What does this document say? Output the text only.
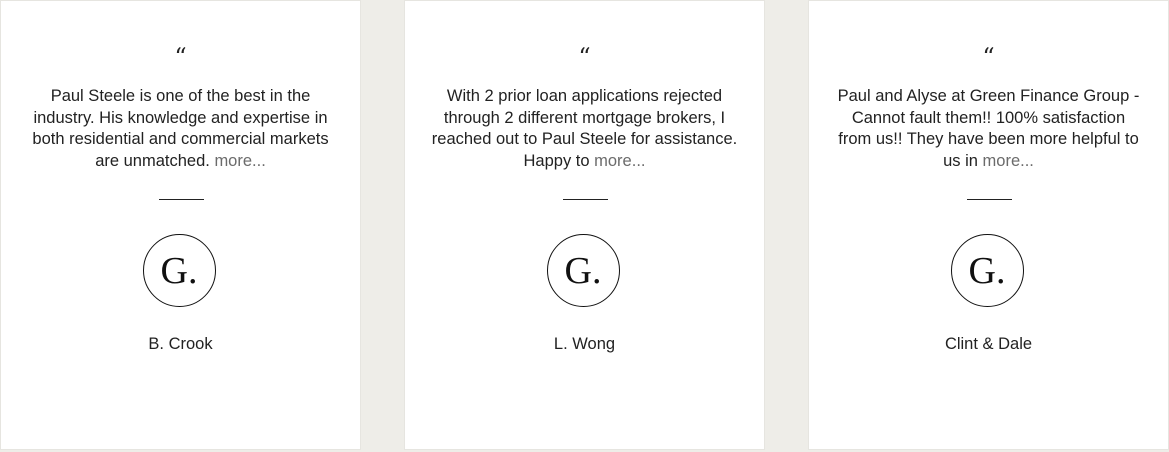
“
Paul Steele is one of the best in the industry. His knowledge and expertise in both residential and commercial markets are unmatched. more...
G.
B. Crook
“
With 2 prior loan applications rejected through 2 different mortgage brokers, I reached out to Paul Steele for assistance. Happy to more...
G.
L. Wong
“
Paul and Alyse at Green Finance Group - Cannot fault them!! 100% satisfaction from us!! They have been more helpful to us in more...
G.
Clint & Dale
